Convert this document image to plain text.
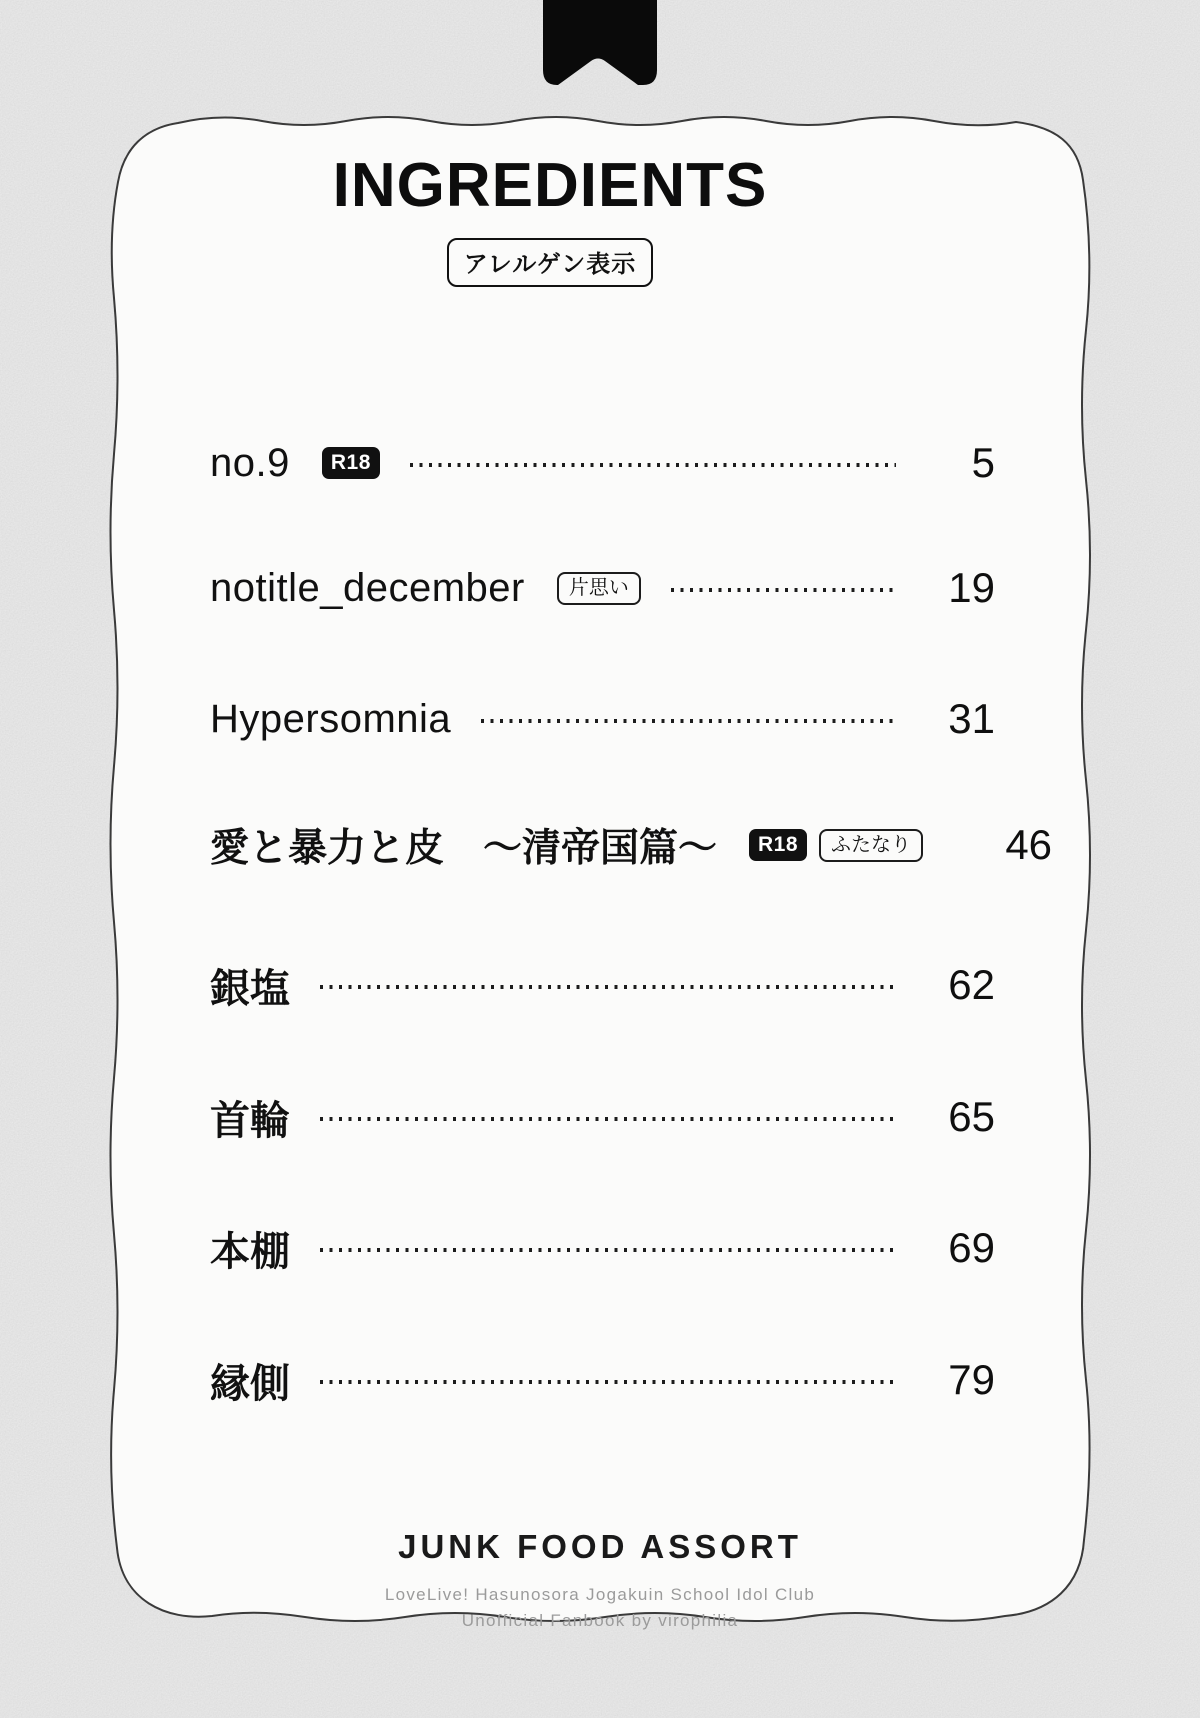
INGREDIENTS
アレルゲン表示
no.9	R18	5
notitle_december	片思い	19
Hypersomnia	31
愛と暴力と皮　～清帝国篇～	R18	ふたなり	46
銀塩	62
首輪	65
本棚	69
縁側	79

JUNK FOOD ASSORT

LoveLive! Hasunosora Jogakuin School Idol Club

Unofficial Fanbook by virophilia
